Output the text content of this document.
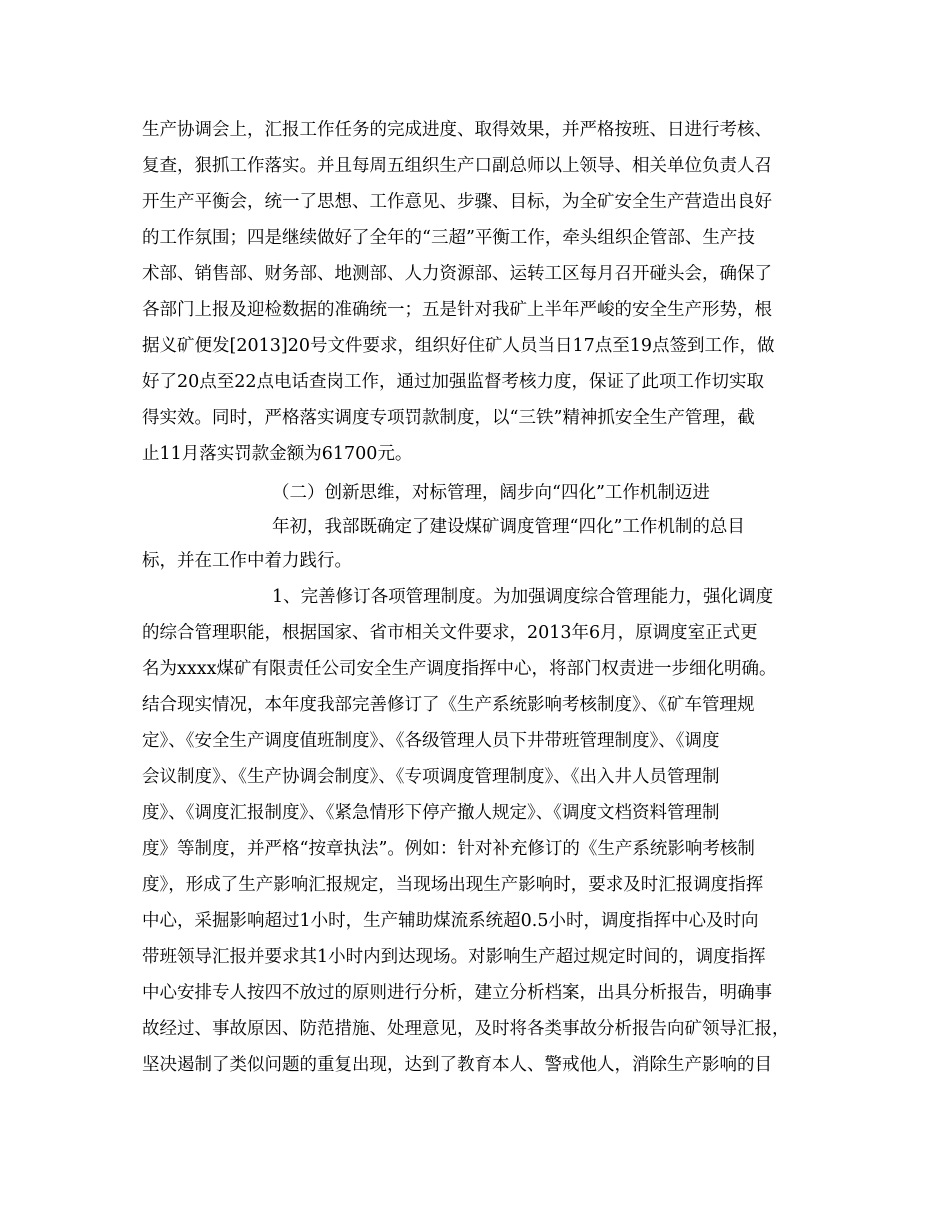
生产协调会上，汇报工作任务的完成进度、取得效果，并严格按班、日进行考核、
复查，狠抓工作落实。并且每周五组织生产口副总师以上领导、相关单位负责人召
开生产平衡会，统一了思想、工作意见、步骤、目标，为全矿安全生产营造出良好
的工作氛围；四是继续做好了全年的“三超”平衡工作，牵头组织企管部、生产技
术部、销售部、财务部、地测部、人力资源部、运转工区每月召开碰头会，确保了
各部门上报及迎检数据的准确统一；五是针对我矿上半年严峻的安全生产形势，根
据义矿便发[2013]20号文件要求，组织好住矿人员当日17点至19点签到工作，做
好了20点至22点电话查岗工作，通过加强监督考核力度，保证了此项工作切实取
得实效。同时，严格落实调度专项罚款制度，以“三铁”精神抓安全生产管理，截
止11月落实罚款金额为61700元。
（二）创新思维，对标管理，阔步向“四化”工作机制迈进
年初，我部既确定了建设煤矿调度管理“四化”工作机制的总目
标，并在工作中着力践行。
1、完善修订各项管理制度。为加强调度综合管理能力，强化调度
的综合管理职能，根据国家、省市相关文件要求，2013年6月，原调度室正式更
名为xxxx煤矿有限责任公司安全生产调度指挥中心，将部门权责进一步细化明确。
结合现实情况，本年度我部完善修订了《生产系统影响考核制度》、《矿车管理规
定》、《安全生产调度值班制度》、《各级管理人员下井带班管理制度》、《调度
会议制度》、《生产协调会制度》、《专项调度管理制度》、《出入井人员管理制
度》、《调度汇报制度》、《紧急情形下停产撤人规定》、《调度文档资料管理制
度》等制度，并严格“按章执法”。例如：针对补充修订的《生产系统影响考核制
度》，形成了生产影响汇报规定，当现场出现生产影响时，要求及时汇报调度指挥
中心，采掘影响超过1小时，生产辅助煤流系统超0.5小时，调度指挥中心及时向
带班领导汇报并要求其1小时内到达现场。对影响生产超过规定时间的，调度指挥
中心安排专人按四不放过的原则进行分析，建立分析档案，出具分析报告，明确事
故经过、事故原因、防范措施、处理意见，及时将各类事故分析报告向矿领导汇报，
坚决遏制了类似问题的重复出现，达到了教育本人、警戒他人，消除生产影响的目
